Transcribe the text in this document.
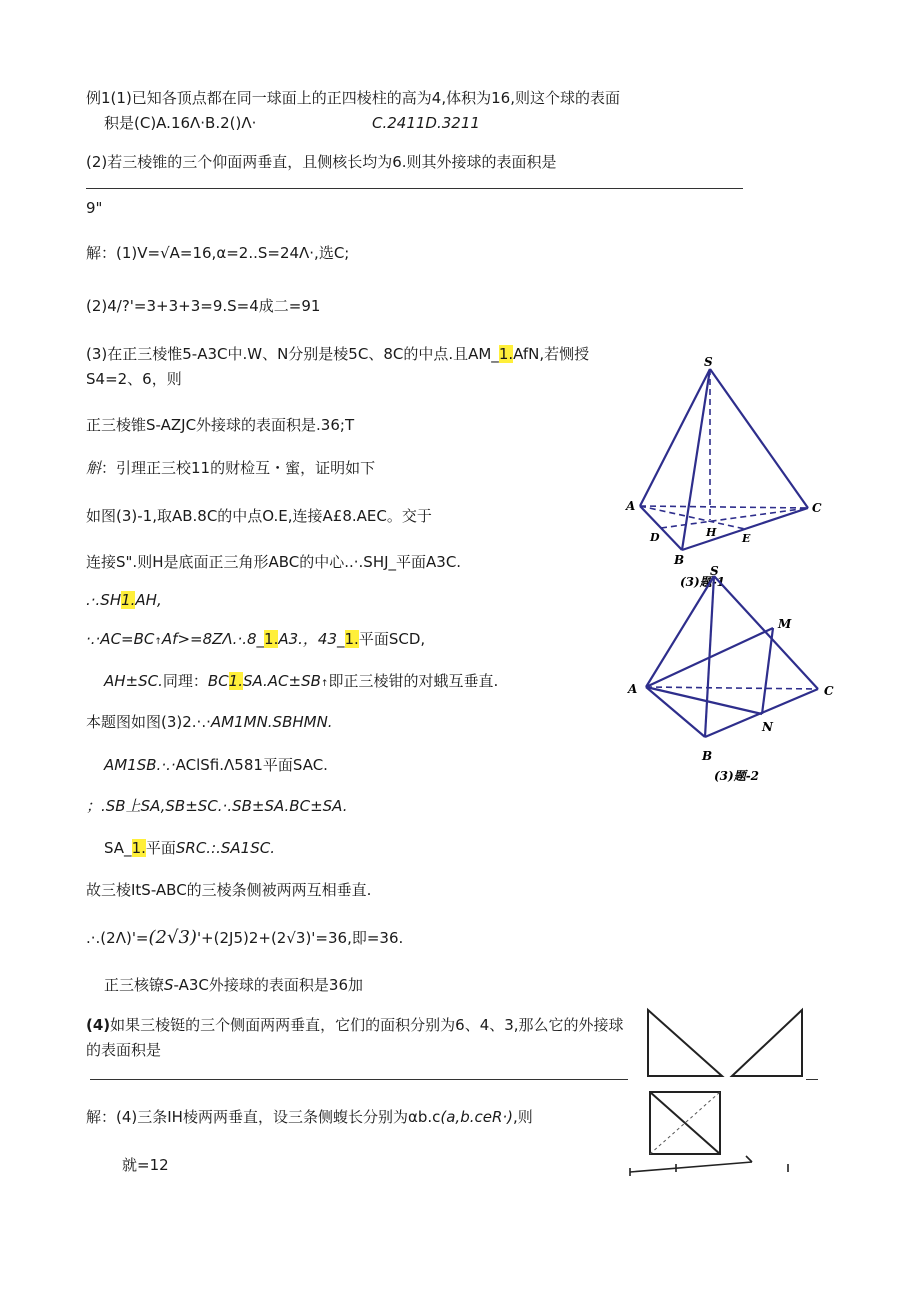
例1(1)已知各顶点都在同一球面上的正四棱柱的高为4,体积为16,则这个球的表面
积是(C)A.16Λ·B.2()Λ·	C.2411D.3211
(2)若三棱锥的三个仰面两垂直，且侧核长均为6.则其外接球的表面积是
9"
解：(1)V=√A=16,α=2..S=24Λ·,选C;
(2)4/?'=3+3+3=9.S=4成二=91
(3)在正三棱惟5-A3C中.W、N分别是棱5C、8C的中点.且AM_1.AfN,若恻授
S4=2、6，则
正三棱锥S-AZJC外接球的表面积是.36;T
斛：引理正三校11的财检互・蜜，证明如下
如图(3)-1,取AB.8C的中点O.E,连接A£8.AEC。交于
连接S".则H是底面正三角形ABC的中心..·.SHJ_平面A3C.
.·.SH1.AH,
·.·AC=BC↑Af>=8ZΛ.·.8_1.A3.，43_1.平面SCD,
AH±SC.同理：BC1.SA.AC±SB↑即正三棱钳的对蛾互垂直.
本题图如图(3)2.·.·AM1MN.SBHMN.
AM1SB.·.·AClSfi.Λ581平面SAC.
；.SB上SA,SB±SC.·.SB±SA.BC±SA.
SA_1.平面SRC.:.SA1SC.
故三棱ItS-ABC的三棱条侧被两两互相垂直.
.·.(2Λ)'=(2√3)'+(2J5)2+(2√3)'=36,即=36.
正三核镣S-A3C外接球的表面积是36加
(4)如果三棱铤的三个侧面两两垂直，它们的面积分别为6、4、3,那么它的外接球
的表面积是
解：(4)三条IH棱两两垂直，设三条侧蝮长分别为αb.c(a,b.ceR·),则
就=12
S
A	C
D
B
H E
(3)题-1
S
M
A	C
N
B
(3)题-2
